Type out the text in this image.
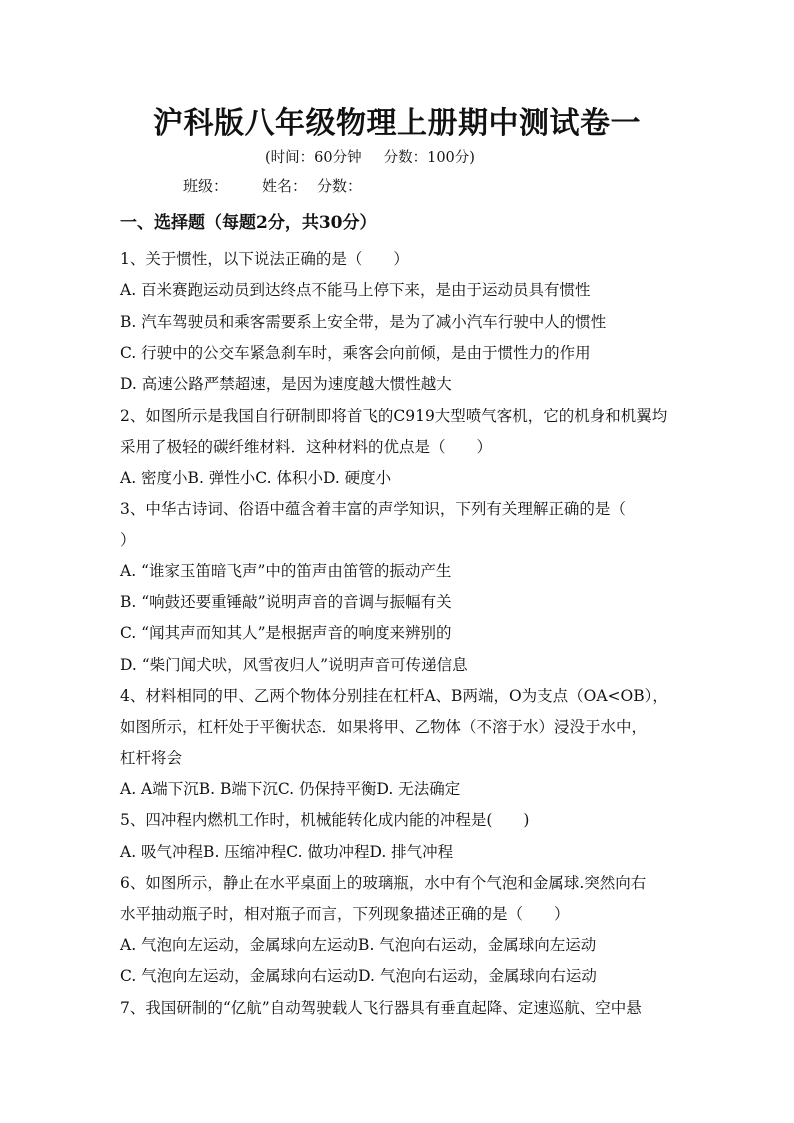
沪科版八年级物理上册期中测试卷一
(时间：60分钟 分数：100分)
班级： 姓名： 分数：
一、选择题（每题2分，共30分）
1、关于惯性，以下说法正确的是（　　）
A. 百米赛跑运动员到达终点不能马上停下来，是由于运动员具有惯性
B. 汽车驾驶员和乘客需要系上安全带，是为了减小汽车行驶中人的惯性
C. 行驶中的公交车紧急刹车时，乘客会向前倾，是由于惯性力的作用
D. 高速公路严禁超速，是因为速度越大惯性越大
2、如图所示是我国自行研制即将首飞的C919大型喷气客机，它的机身和机翼均
采用了极轻的碳纤维材料．这种材料的优点是（　　）
A. 密度小B. 弹性小C. 体积小D. 硬度小
3、中华古诗词、俗语中蕴含着丰富的声学知识，下列有关理解正确的是（
）
A. “谁家玉笛暗飞声”中的笛声由笛管的振动产生
B. “响鼓还要重锤敲”说明声音的音调与振幅有关
C. “闻其声而知其人”是根据声音的响度来辨别的
D. “柴门闻犬吠，风雪夜归人”说明声音可传递信息
4、材料相同的甲、乙两个物体分别挂在杠杆A、B两端，O为支点（OA<OB），
如图所示，杠杆处于平衡状态．如果将甲、乙物体（不溶于水）浸没于水中，
杠杆将会
A. A端下沉B. B端下沉C. 仍保持平衡D. 无法确定
5、四冲程内燃机工作时，机械能转化成内能的冲程是(　　)
A. 吸气冲程B. 压缩冲程C. 做功冲程D. 排气冲程
6、如图所示，静止在水平桌面上的玻璃瓶，水中有个气泡和金属球.突然向右
水平抽动瓶子时，相对瓶子而言，下列现象描述正确的是（　　）
A. 气泡向左运动，金属球向左运动B. 气泡向右运动，金属球向左运动
C. 气泡向左运动，金属球向右运动D. 气泡向右运动，金属球向右运动
7、我国研制的“亿航”自动驾驶载人飞行器具有垂直起降、定速巡航、空中悬
